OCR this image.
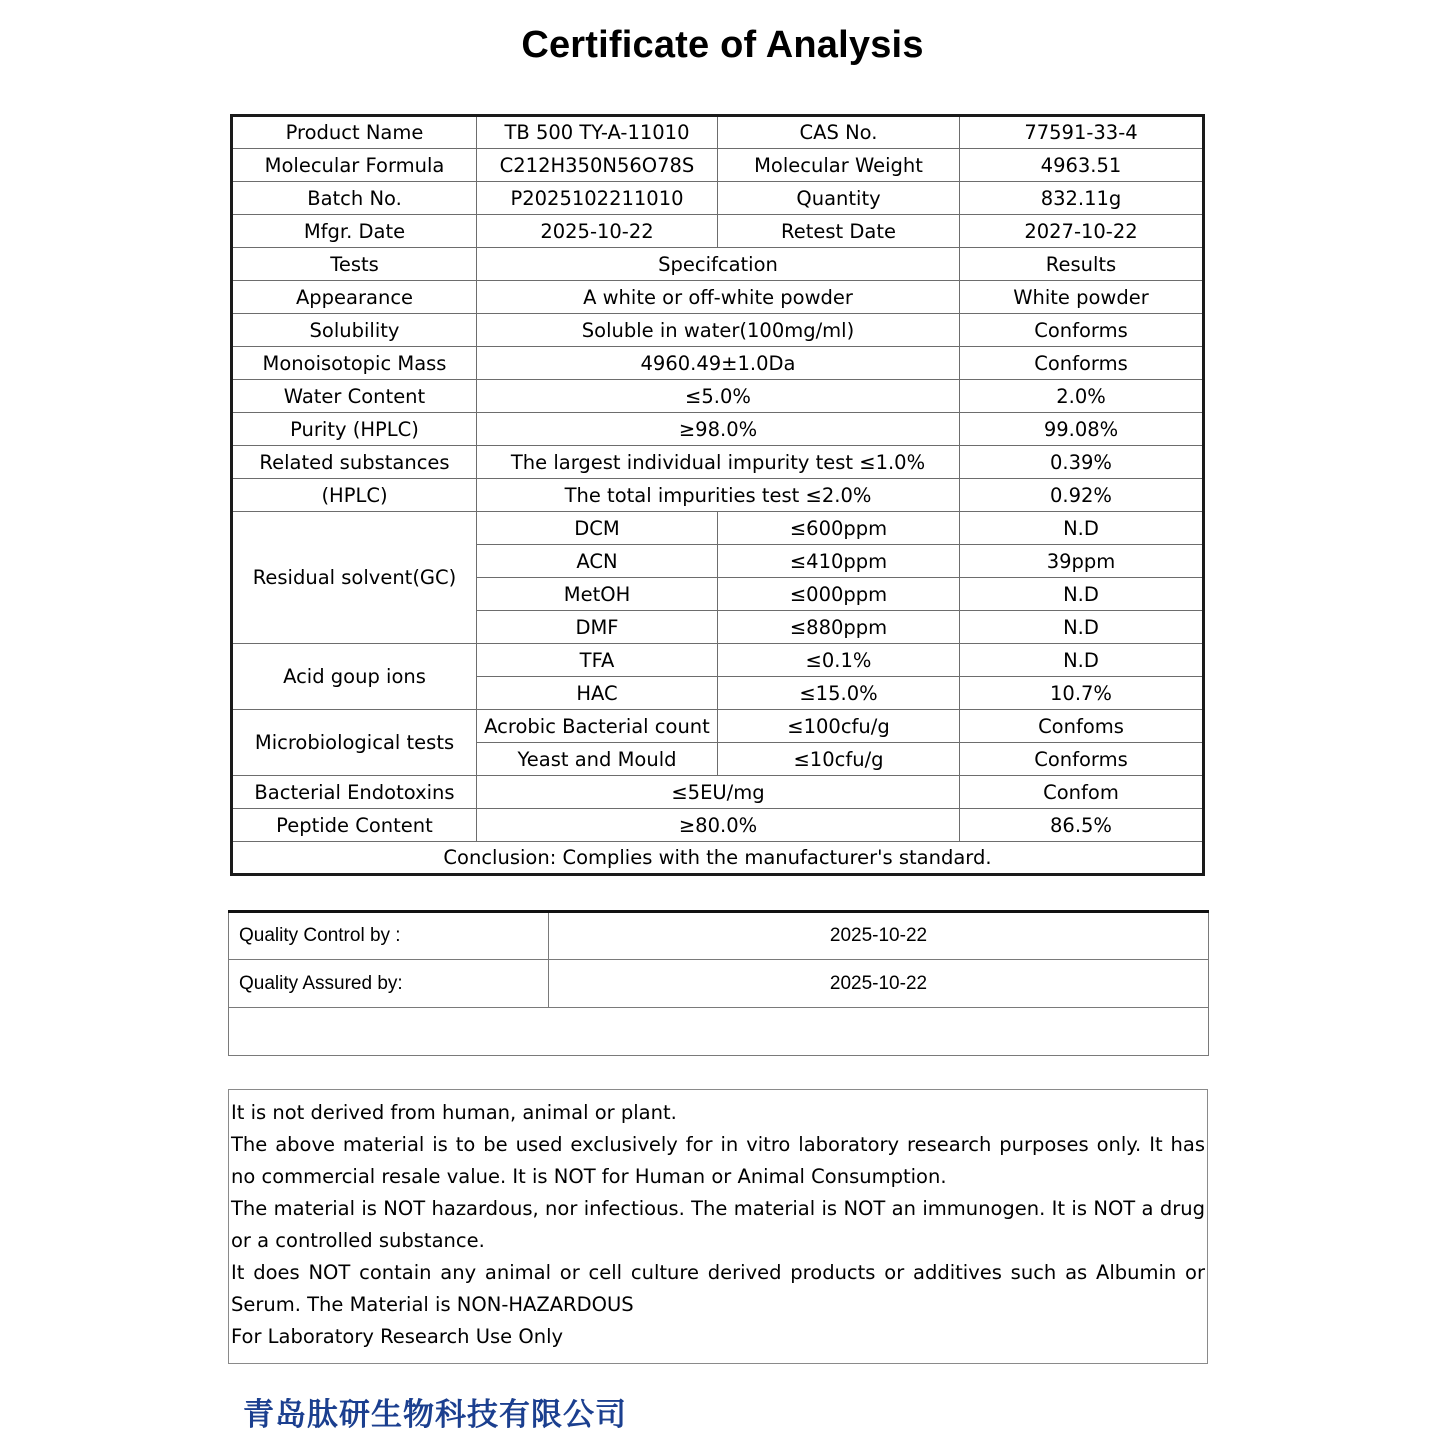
Certificate of Analysis
Product Name	TB 500 TY-A-11010	CAS No.	77591-33-4
Molecular Formula	C212H350N56O78S	Molecular Weight	4963.51
Batch No.	P2025102211010	Quantity	832.11g
Mfgr. Date	2025-10-22	Retest Date	2027-10-22
Tests	Specifcation		Results
Appearance	A white or off-white powder		White powder
Solubility	Soluble in water(100mg/ml)		Conforms
Monoisotopic Mass	4960.49±1.0Da		Conforms
Water Content	≤5.0%		2.0%
Purity (HPLC)	≥98.0%		99.08%
Related substances	The largest individual impurity test ≤1.0%		0.39%
(HPLC)	The total impurities test ≤2.0%		0.92%
Residual solvent(GC)	DCM	≤600ppm	N.D
	ACN	≤410ppm	39ppm
	MetOH	≤000ppm	N.D
	DMF	≤880ppm	N.D
Acid goup ions	TFA	≤0.1%	N.D
	HAC	≤15.0%	10.7%
Microbiological tests	Acrobic Bacterial count	≤100cfu/g	Confoms
	Yeast and Mould	≤10cfu/g	Conforms
Bacterial Endotoxins	≤5EU/mg		Confom
Peptide Content	≥80.0%		86.5%
Conclusion: Complies with the manufacturer's standard.			
Quality Control by :	2025-10-22
Quality Assured by:	2025-10-22

It is not derived from human, animal or plant.
The above material is to be used exclusively for in vitro laboratory research purposes only. It has no commercial resale value. It is NOT for Human or Animal Consumption.
The material is NOT hazardous, nor infectious. The material is NOT an immunogen. It is NOT a drug or a controlled substance.
It does NOT contain any animal or cell culture derived products or additives such as Albumin or Serum. The Material is NON-HAZARDOUS
For Laboratory Research Use Only
青岛肽研生物科技有限公司
